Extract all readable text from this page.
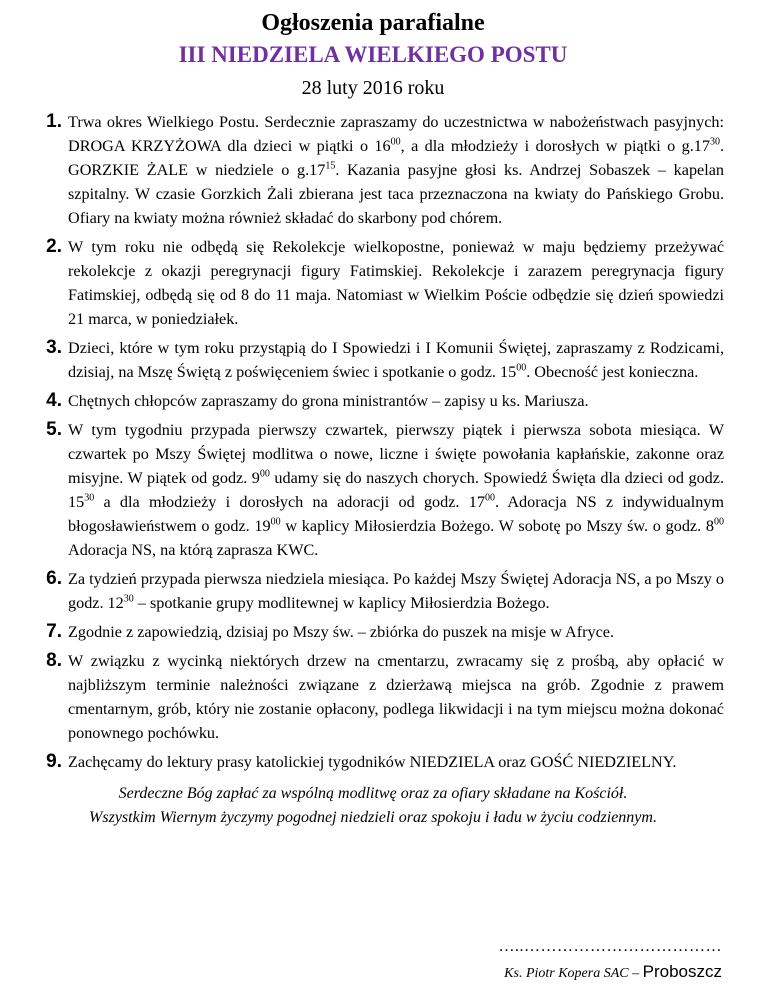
Ogłoszenia parafialne
III NIEDZIELA WIELKIEGO POSTU
28 luty 2016 roku
1. Trwa okres Wielkiego Postu. Serdecznie zapraszamy do uczestnictwa w nabożeństwach pasyjnych: DROGA KRZYŻOWA dla dzieci w piątki o $16^{00}$, a dla młodzieży i dorosłych w piątki o $g.17^{30}$. GORZKIE ŻALE w niedziele o $g.17^{15}$. Kazania pasyjne głosi ks. Andrzej Sobaszek – kapelan szpitalny. W czasie Gorzkich Żali zbierana jest taca przeznaczona na kwiaty do Pańskiego Grobu. Ofiary na kwiaty można również składać do skarbony pod chórem.
2. W tym roku nie odbędą się Rekolekcje wielkopostne, ponieważ w maju będziemy przeżywać rekolekcje z okazji peregrynacji figury Fatimskiej. Rekolekcje i zarazem peregrynacja figury Fatimskiej, odbędą się od 8 do 11 maja. Natomiast w Wielkim Poście odbędzie się dzień spowiedzi 21 marca, w poniedziałek.
3. Dzieci, które w tym roku przystąpią do I Spowiedzi i I Komunii Świętej, zapraszamy z Rodzicami, dzisiaj, na Mszę Świętą z poświęceniem świec i spotkanie o godz. $15^{00}$. Obecność jest konieczna.
4. Chętnych chłopców zapraszamy do grona ministrantów – zapisy u ks. Mariusza.
5. W tym tygodniu przypada pierwszy czwartek, pierwszy piątek i pierwsza sobota miesiąca. W czwartek po Mszy Świętej modlitwa o nowe, liczne i święte powołania kapłańskie, zakonne oraz misyjne. W piątek od godz. $9^{00}$ udamy się do naszych chorych. Spowiedź Święta dla dzieci od godz. $15^{30}$ a dla młodzieży i dorosłych na adoracji od godz. $17^{00}$. Adoracja NS z indywidualnym błogosławieństwem o godz. $19^{00}$ w kaplicy Miłosierdzia Bożego. W sobotę po Mszy św. o godz. $8^{00}$ Adoracja NS, na którą zaprasza KWC.
6. Za tydzień przypada pierwsza niedziela miesiąca. Po każdej Mszy Świętej Adoracja NS, a po Mszy o godz. $12^{30}$ – spotkanie grupy modlitewnej w kaplicy Miłosierdzia Bożego.
7. Zgodnie z zapowiedzią, dzisiaj po Mszy św. – zbiórka do puszek na misje w Afryce.
8. W związku z wycinką niektórych drzew na cmentarzu, zwracamy się z prośbą, aby opłacić w najbliższym terminie należności związane z dzierżawą miejsca na grób. Zgodnie z prawem cmentarnym, grób, który nie zostanie opłacony, podlega likwidacji i na tym miejscu można dokonać ponownego pochówku.
9. Zachęcamy do lektury prasy katolickiej tygodników NIEDZIELA oraz GOŚĆ NIEDZIELNY.

Serdeczne Bóg zapłać za wspólną modlitwę oraz za ofiary składane na Kościół.

Wszystkim Wiernym życzymy pogodnej niedzieli oraz spokoju i ładu w życiu codziennym.

…..………………………………
Ks. Piotr Kopera SAC – Proboszcz
